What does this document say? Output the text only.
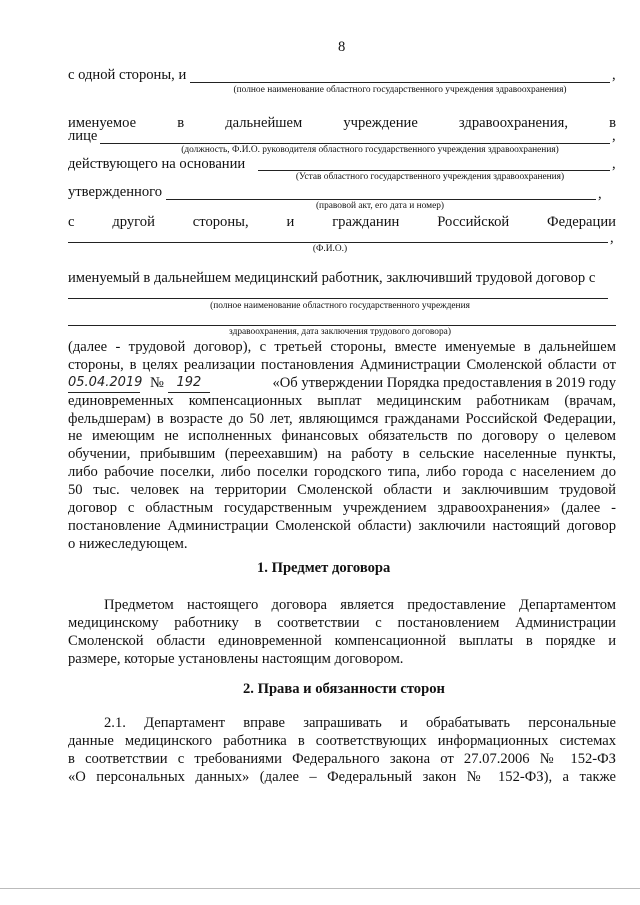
8
с одной стороны, и	,
(полное наименование областного государственного учреждения здравоохранения)
именуемое	в	дальнейшем	учреждение	здравоохранения,	в
лице	,
(должность, Ф.И.О. руководителя областного государственного учреждения здравоохранения)
действующего на основании	,
(Устав областного государственного учреждения здравоохранения)
утвержденного	,
(правовой акт, его дата и номер)
с	другой	стороны,	и	гражданин	Российской	Федерации
,
(Ф.И.О.)
именуемый в дальнейшем медицинский работник, заключивший трудовой договор с
(полное наименование областного государственного учреждения
здравоохранения, дата заключения трудового договора)
(далее - трудовой договор), с третьей стороны, вместе именуемые в дальнейшем
стороны, в целях реализации постановления Администрации Смоленской области от
05.04.2019 № 192	«Об утверждении Порядка предоставления в 2019 году
единовременных компенсационных выплат медицинским работникам (врачам,
фельдшерам) в возрасте до 50 лет, являющимся гражданами Российской Федерации,
не имеющим не исполненных финансовых обязательств по договору о целевом
обучении, прибывшим (переехавшим) на работу в сельские населенные пункты,
либо рабочие поселки, либо поселки городского типа, либо города с населением до
50 тыс. человек на территории Смоленской области и заключившим трудовой
договор с областным государственным учреждением здравоохранения» (далее -
постановление Администрации Смоленской области) заключили настоящий договор
о нижеследующем.
1. Предмет договора
Предметом настоящего договора является предоставление Департаментом
медицинскому работнику в соответствии с постановлением Администрации
Смоленской области единовременной компенсационной выплаты в порядке и
размере, которые установлены настоящим договором.
2. Права и обязанности сторон
2.1. Департамент вправе запрашивать и обрабатывать персональные
данные медицинского работника в соответствующих информационных системах
в соответствии с требованиями Федерального закона от 27.07.2006 № 152-ФЗ
«О персональных данных» (далее – Федеральный закон № 152-ФЗ), а также
